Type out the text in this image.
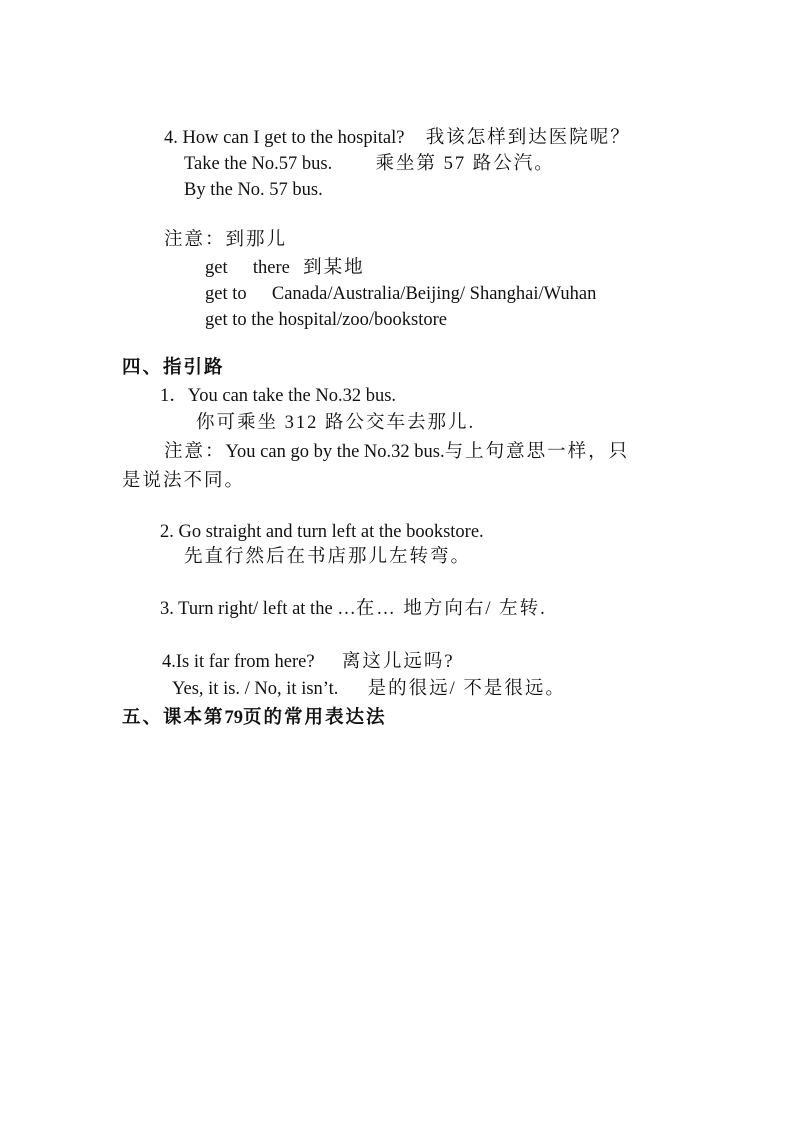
4. How can I get to the hospital? 我该怎样到达医院呢？
Take the No.57 bus. 乘坐第 57 路公汽。
By the No. 57 bus.
注意：到那儿
get there 到某地
get to Canada/Australia/Beijing/ Shanghai/Wuhan
get to the hospital/zoo/bookstore
四、指引路
1．You can take the No.32 bus.
你可乘坐 312 路公交车去那儿.
注意：You can go by the No.32 bus.与上句意思一样，只
是说法不同。
2. Go straight and turn left at the bookstore.
先直行然后在书店那儿左转弯。
3. Turn right/ left at the …在… 地方向右/ 左转.
4.Is it far from here? 离这儿远吗?
Yes, it is. / No, it isn’t. 是的很远/ 不是很远。
五、课本第79页的常用表达法
